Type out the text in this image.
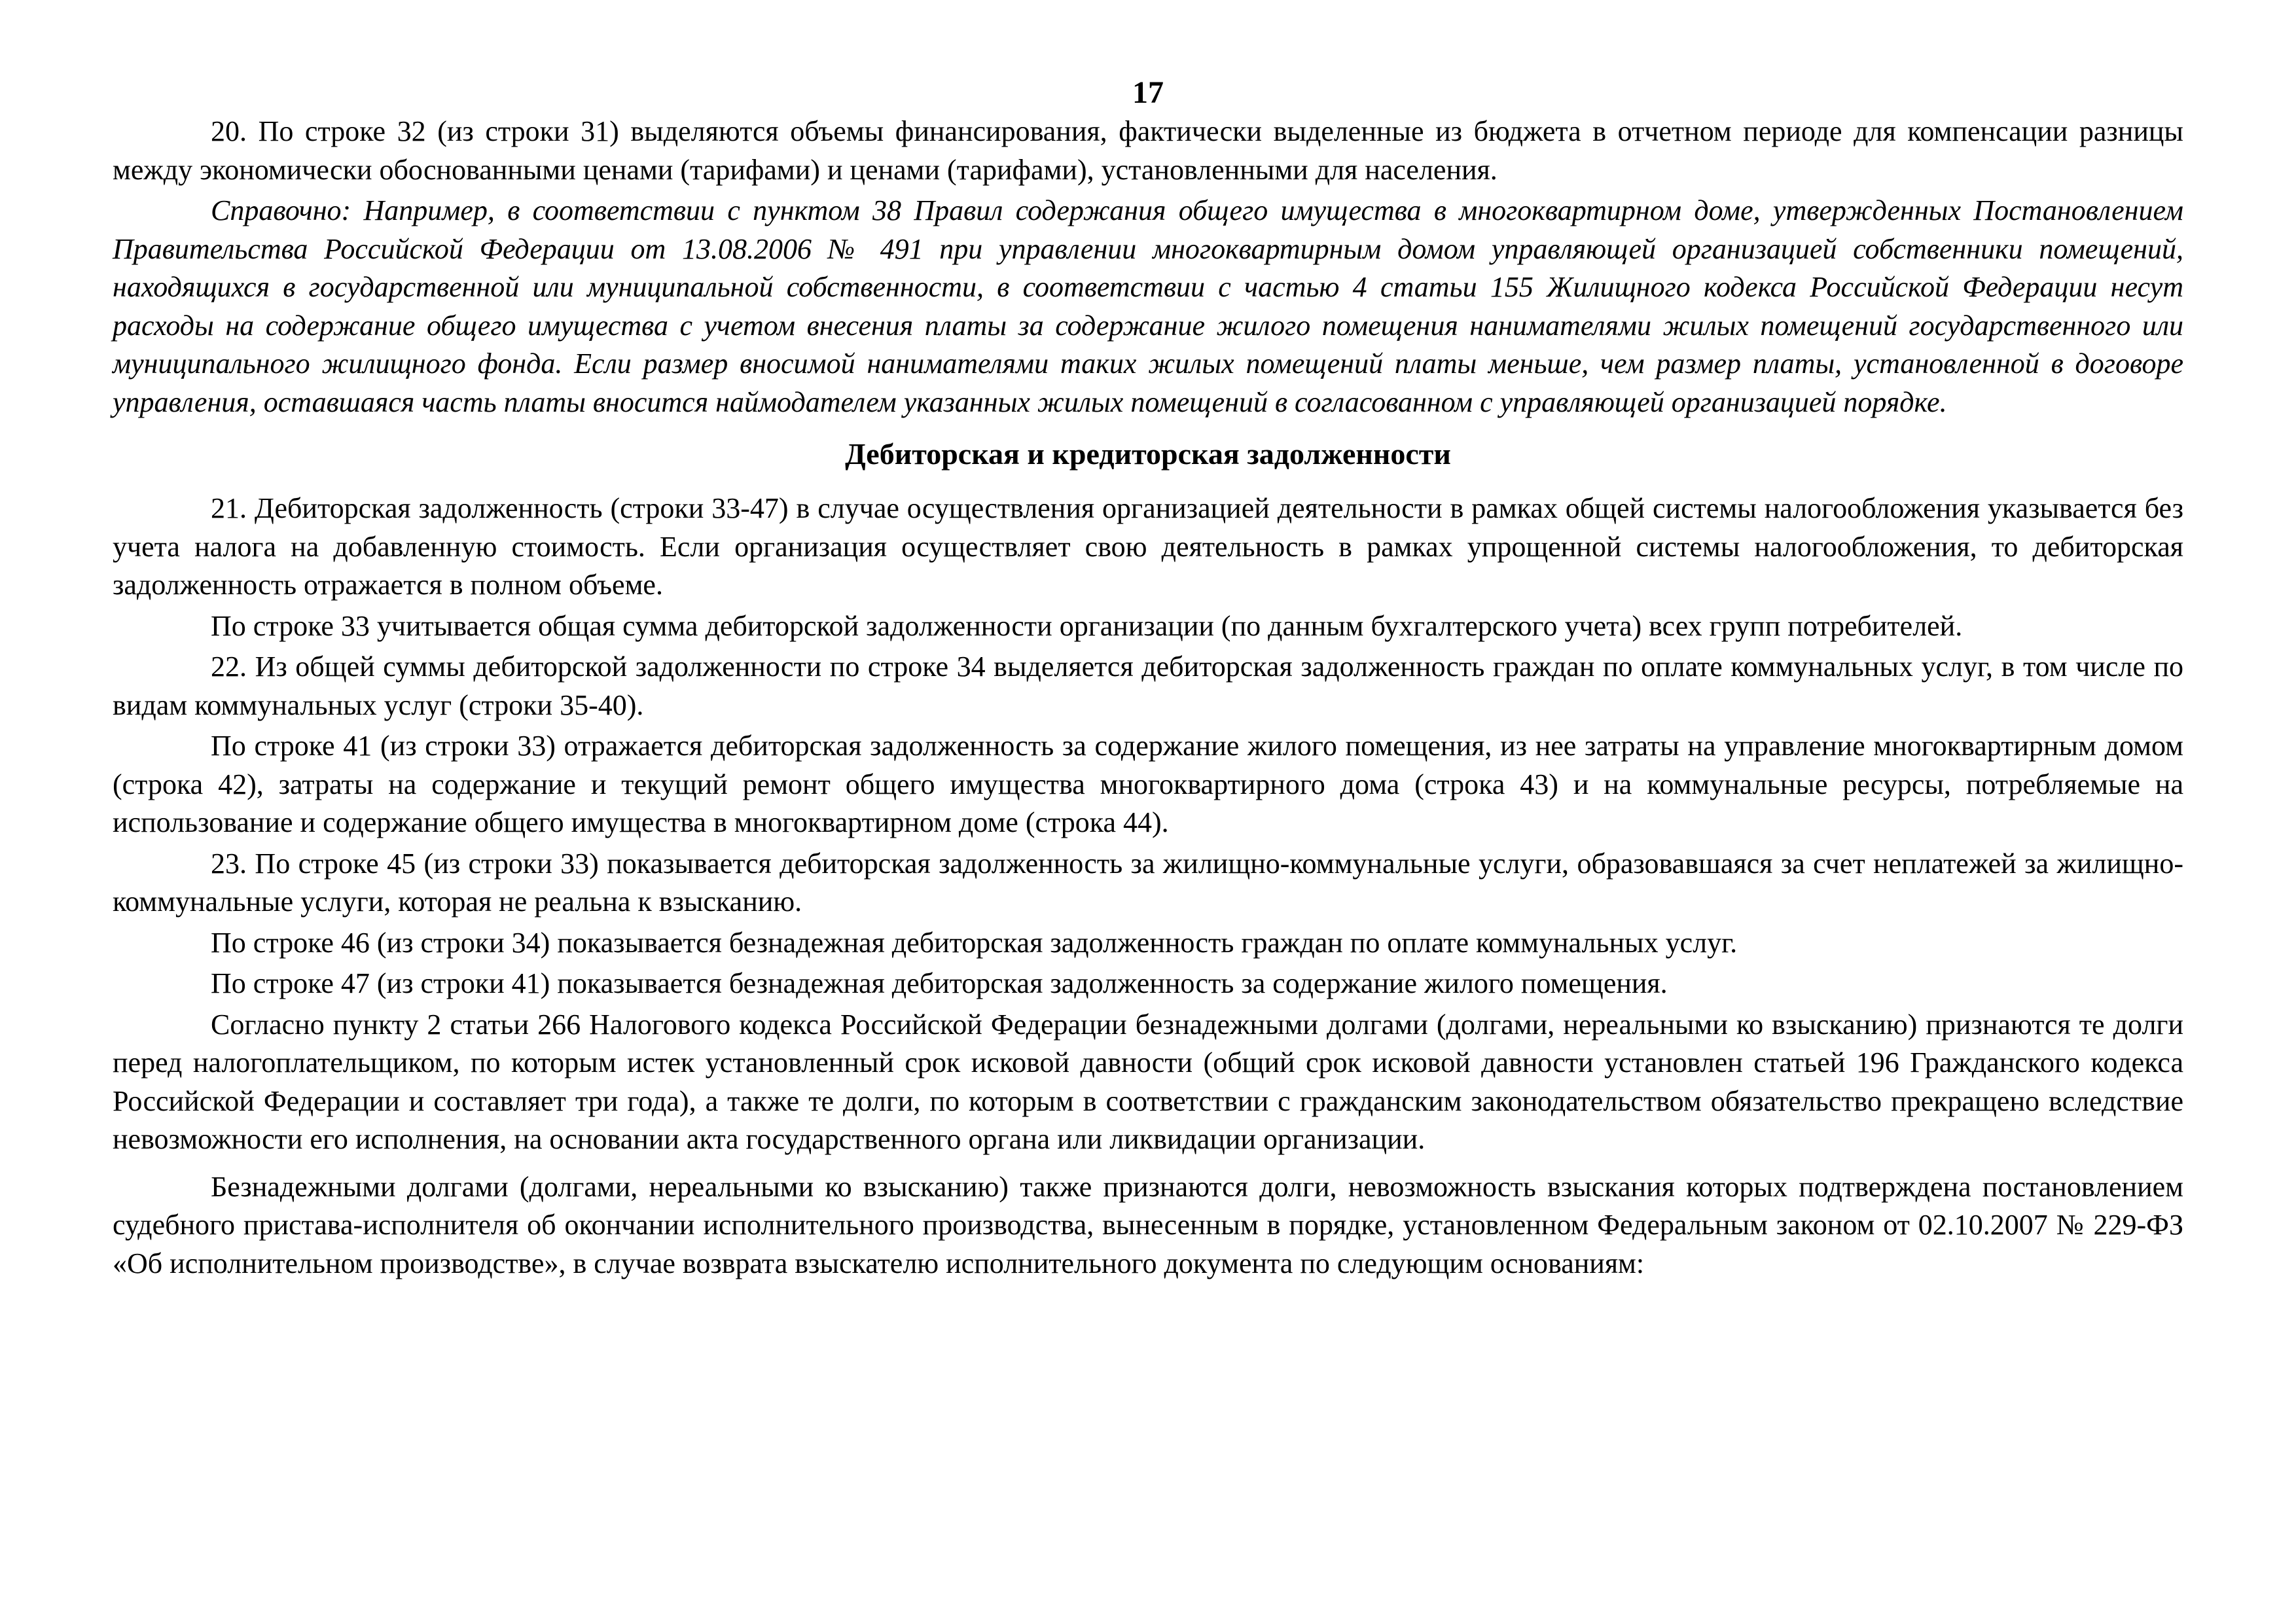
17

20. По строке 32 (из строки 31) выделяются объемы финансирования, фактически выделенные из бюджета в отчетном периоде для компенсации разницы между экономически обоснованными ценами (тарифами) и ценами (тарифами), установленными для населения.

Справочно: Например, в соответствии с пунктом 38 Правил содержания общего имущества в многоквартирном доме, утвержденных Постановлением Правительства Российской Федерации от 13.08.2006 № 491 при управлении многоквартирным домом управляющей организацией собственники помещений, находящихся в государственной или муниципальной собственности, в соответствии с частью 4 статьи 155 Жилищного кодекса Российской Федерации несут расходы на содержание общего имущества с учетом внесения платы за содержание жилого помещения нанимателями жилых помещений государственного или муниципального жилищного фонда. Если размер вносимой нанимателями таких жилых помещений платы меньше, чем размер платы, установленной в договоре управления, оставшаяся часть платы вносится наймодателем указанных жилых помещений в согласованном с управляющей организацией порядке.

Дебиторская и кредиторская задолженности

21. Дебиторская задолженность (строки 33-47) в случае осуществления организацией деятельности в рамках общей системы налогообложения указывается без учета налога на добавленную стоимость. Если организация осуществляет свою деятельность в рамках упрощенной системы налогообложения, то дебиторская задолженность отражается в полном объеме.

По строке 33 учитывается общая сумма дебиторской задолженности организации (по данным бухгалтерского учета) всех групп потребителей.

22. Из общей суммы дебиторской задолженности по строке 34 выделяется дебиторская задолженность граждан по оплате коммунальных услуг, в том числе по видам коммунальных услуг (строки 35-40).

По строке 41 (из строки 33) отражается дебиторская задолженность за содержание жилого помещения, из нее затраты на управление многоквартирным домом (строка 42), затраты на содержание и текущий ремонт общего имущества многоквартирного дома (строка 43) и на коммунальные ресурсы, потребляемые на использование и содержание общего имущества в многоквартирном доме (строка 44).

23. По строке 45 (из строки 33) показывается дебиторская задолженность за жилищно-коммунальные услуги, образовавшаяся за счет неплатежей за жилищно-коммунальные услуги, которая не реальна к взысканию.

По строке 46 (из строки 34) показывается безнадежная дебиторская задолженность граждан по оплате коммунальных услуг.

По строке 47 (из строки 41) показывается безнадежная дебиторская задолженность за содержание жилого помещения.

Согласно пункту 2 статьи 266 Налогового кодекса Российской Федерации безнадежными долгами (долгами, нереальными ко взысканию) признаются те долги перед налогоплательщиком, по которым истек установленный срок исковой давности (общий срок исковой давности установлен статьей 196 Гражданского кодекса Российской Федерации и составляет три года), а также те долги, по которым в соответствии с гражданским законодательством обязательство прекращено вследствие невозможности его исполнения, на основании акта государственного органа или ликвидации организации.

Безнадежными долгами (долгами, нереальными ко взысканию) также признаются долги, невозможность взыскания которых подтверждена постановлением судебного пристава-исполнителя об окончании исполнительного производства, вынесенным в порядке, установленном Федеральным законом от 02.10.2007 № 229-ФЗ «Об исполнительном производстве», в случае возврата взыскателю исполнительного документа по следующим основаниям:
